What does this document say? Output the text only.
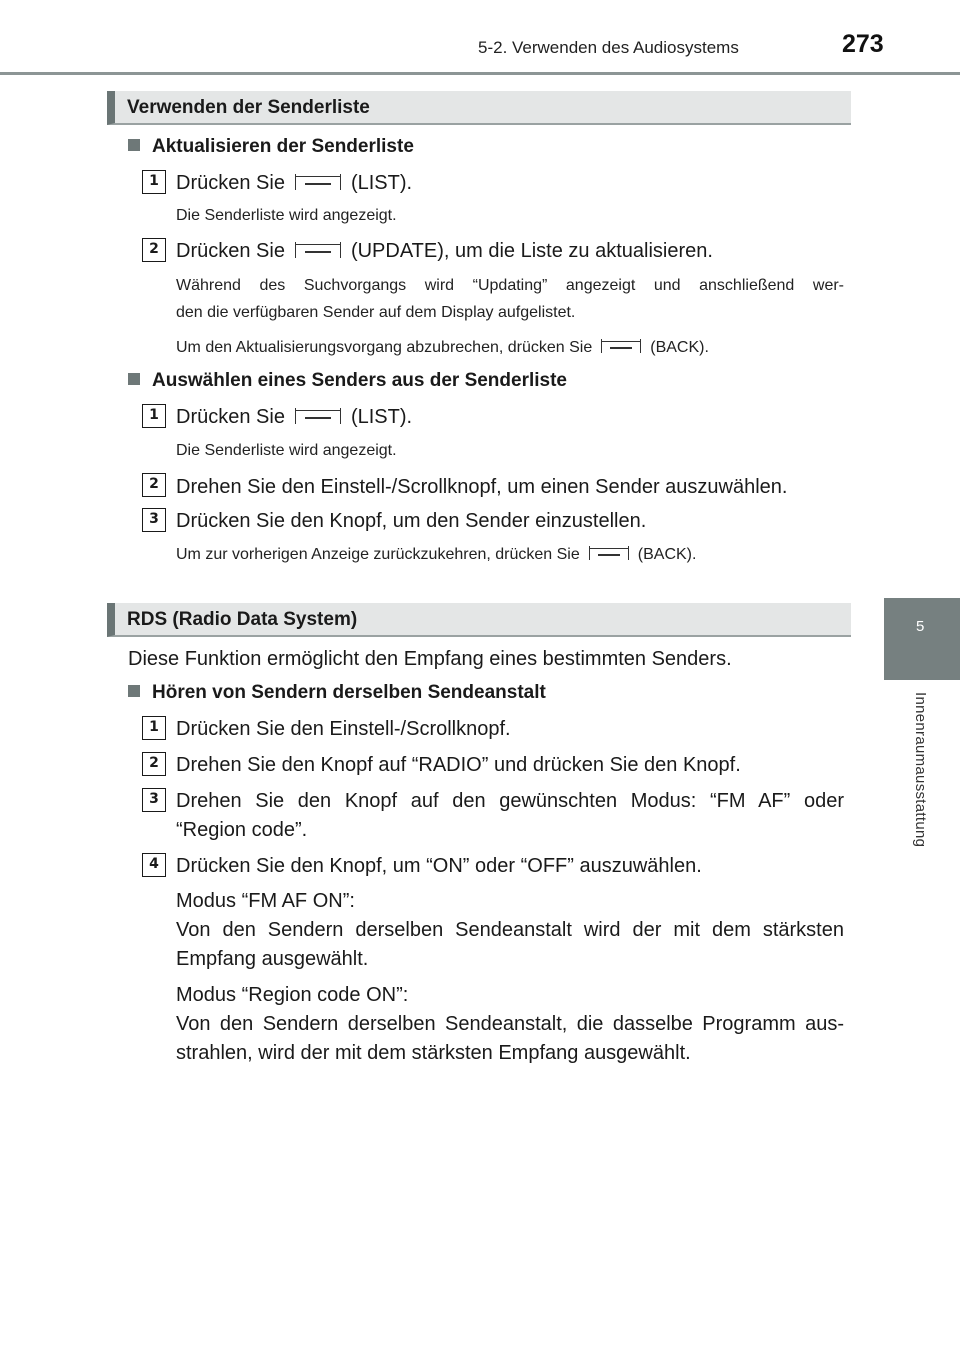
5-2. Verwenden des Audiosystems	273
5
Innenraumausstattung
Verwenden der Senderliste
Aktualisieren der Senderliste
1 Drücken Sie	(LIST).
Die Senderliste wird angezeigt.
2 Drücken Sie	(UPDATE), um die Liste zu aktualisieren.
Während des Suchvorgangs wird “Updating” angezeigt und anschließend wer-
den die verfügbaren Sender auf dem Display aufgelistet.
Um den Aktualisierungsvorgang abzubrechen, drücken Sie	(BACK).
Auswählen eines Senders aus der Senderliste
1 Drücken Sie	(LIST).
Die Senderliste wird angezeigt.
2 Drehen Sie den Einstell-/Scrollknopf, um einen Sender auszuwählen.
3 Drücken Sie den Knopf, um den Sender einzustellen.
Um zur vorherigen Anzeige zurückzukehren, drücken Sie	(BACK).
RDS (Radio Data System)
Diese Funktion ermöglicht den Empfang eines bestimmten Senders.
Hören von Sendern derselben Sendeanstalt
1 Drücken Sie den Einstell-/Scrollknopf.
2 Drehen Sie den Knopf auf “RADIO” und drücken Sie den Knopf.
3 Drehen Sie den Knopf auf den gewünschten Modus: “FM AF” oder
“Region code”.
4 Drücken Sie den Knopf, um “ON” oder “OFF” auszuwählen.
Modus “FM AF ON”:
Von den Sendern derselben Sendeanstalt wird der mit dem stärksten
Empfang ausgewählt.
Modus “Region code ON”:
Von den Sendern derselben Sendeanstalt, die dasselbe Programm aus-
strahlen, wird der mit dem stärksten Empfang ausgewählt.
